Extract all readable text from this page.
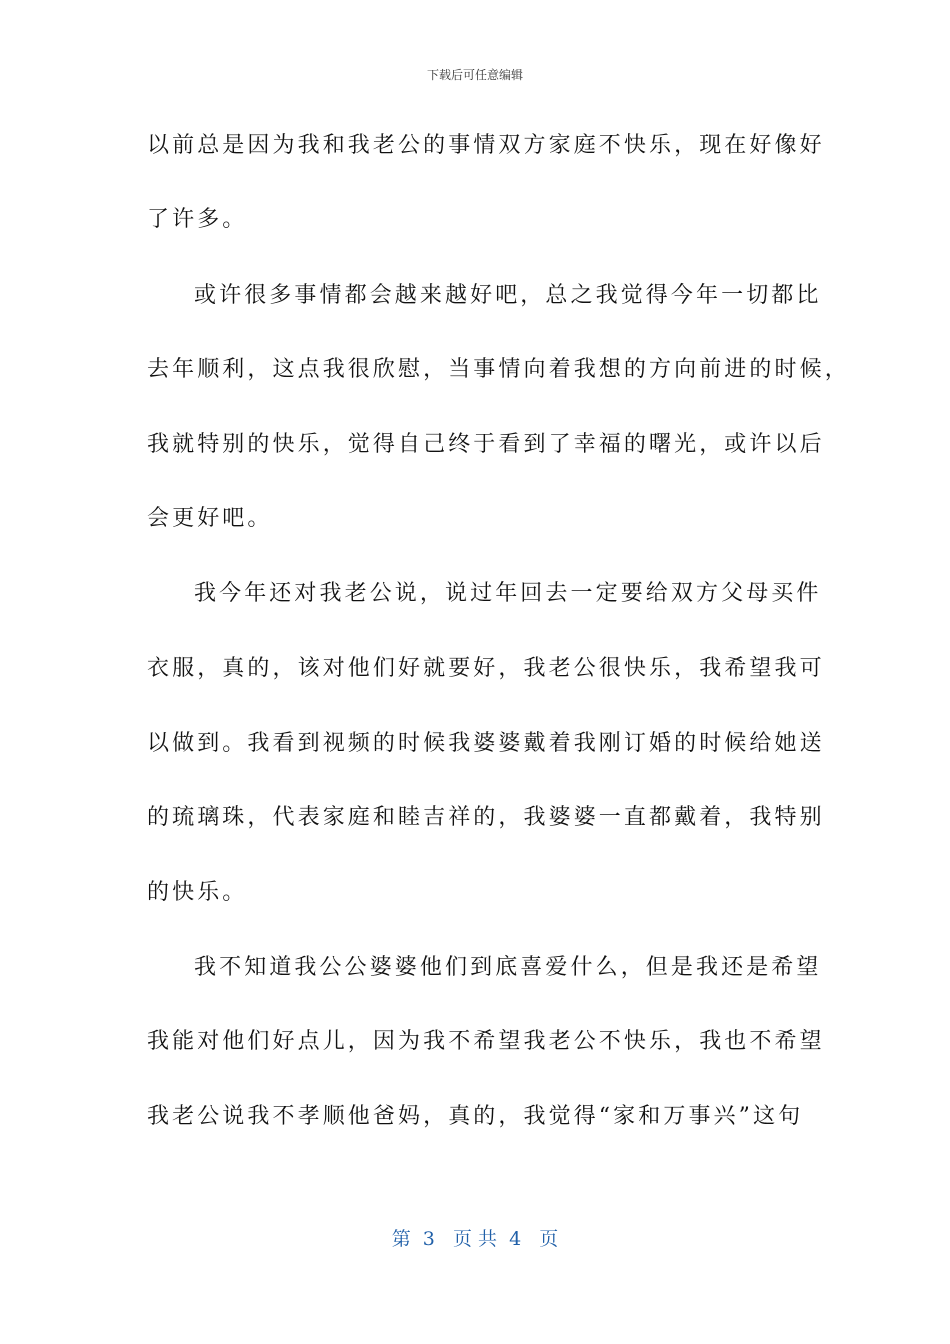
下载后可任意编辑
以前总是因为我和我老公的事情双方家庭不快乐，现在好像好
了许多。
或许很多事情都会越来越好吧，总之我觉得今年一切都比
去年顺利，这点我很欣慰，当事情向着我想的方向前进的时候，
我就特别的快乐，觉得自己终于看到了幸福的曙光，或许以后
会更好吧。
我今年还对我老公说，说过年回去一定要给双方父母买件
衣服，真的，该对他们好就要好，我老公很快乐，我希望我可
以做到。我看到视频的时候我婆婆戴着我刚订婚的时候给她送
的琉璃珠，代表家庭和睦吉祥的，我婆婆一直都戴着，我特别
的快乐。
我不知道我公公婆婆他们到底喜爱什么，但是我还是希望
我能对他们好点儿，因为我不希望我老公不快乐，我也不希望
我老公说我不孝顺他爸妈，真的，我觉得“家和万事兴”这句
第  3   页 共  4   页
